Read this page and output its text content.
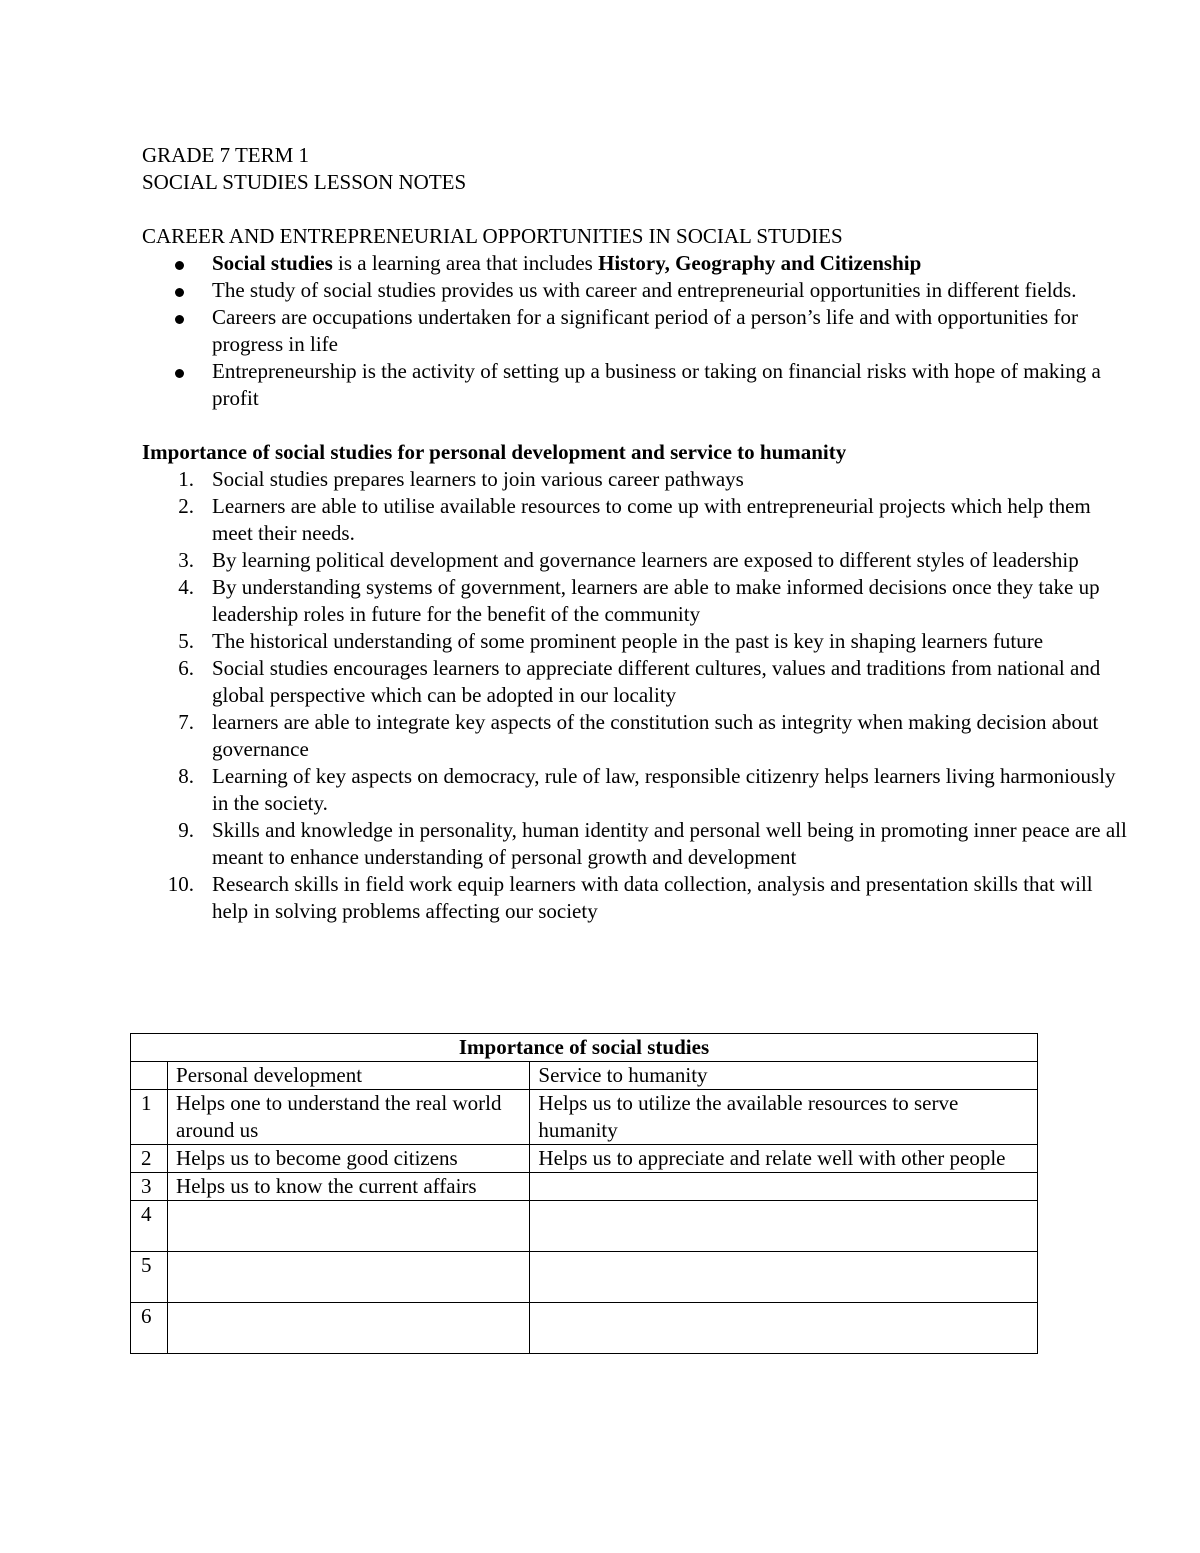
GRADE 7 TERM 1
SOCIAL STUDIES LESSON NOTES
CAREER AND ENTREPRENEURIAL OPPORTUNITIES IN SOCIAL STUDIES
Social studies is a learning area that includes History, Geography and Citizenship
The study of social studies provides us with career and entrepreneurial opportunities in different fields.
Careers are occupations undertaken for a significant period of a person’s life and with opportunities for progress in life
Entrepreneurship is the activity of setting up a business or taking on financial risks with hope of making a profit
Importance of social studies for personal development and service to humanity
1. Social studies prepares learners to join various career pathways
2. Learners are able to utilise available resources to come up with entrepreneurial projects which help them meet their needs.
3. By learning political development and governance learners are exposed to different styles of leadership
4. By understanding systems of government, learners are able to make informed decisions once they take up leadership roles in future for the benefit of the community
5. The historical understanding of some prominent people in the past is key in shaping learners future
6. Social studies encourages learners to appreciate different cultures, values and traditions from national and global perspective which can be adopted in our locality
7. learners are able to integrate key aspects of the constitution such as integrity when making decision about governance
8. Learning of key aspects on democracy, rule of law, responsible citizenry helps learners living harmoniously in the society.
9. Skills and knowledge in personality, human identity and personal well being in promoting inner peace are all meant to enhance understanding of personal growth and development
10. Research skills in field work equip learners with data collection, analysis and presentation skills that will help in solving problems affecting our society
Importance of social studies		
	Personal development	Service to humanity
1	Helps one to understand the real world around us	Helps us to utilize the available resources to serve humanity
2	Helps us to become good citizens	Helps us to appreciate and relate well with other people
3	Helps us to know the current affairs	
4		
5		
6		
